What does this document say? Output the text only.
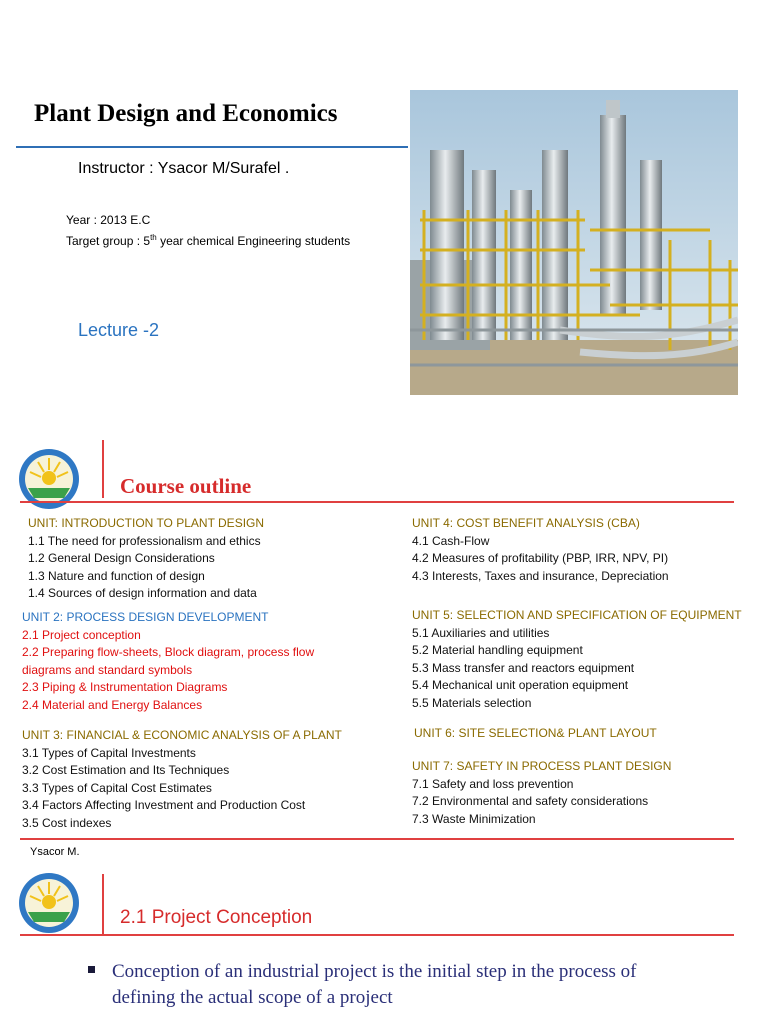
Plant Design and Economics
Instructor : Ysacor M/Surafel .
Year : 2013 E.C
Target group : 5th year chemical Engineering students
Lecture -2
Course outline
UNIT: INTRODUCTION TO PLANT DESIGN
1.1 The need for professionalism and ethics
1.2 General Design Considerations
1.3 Nature and function of design
1.4 Sources of design information and data
UNIT 2: PROCESS DESIGN DEVELOPMENT
2.1 Project conception
2.2 Preparing flow-sheets, Block diagram, process flow
diagrams and standard symbols
2.3 Piping & Instrumentation Diagrams
2.4 Material and Energy Balances
UNIT 3: FINANCIAL & ECONOMIC ANALYSIS OF A PLANT
3.1 Types of Capital Investments
3.2 Cost Estimation and Its Techniques
3.3 Types of Capital Cost Estimates
3.4 Factors Affecting Investment and Production Cost
3.5 Cost indexes
UNIT 4: COST BENEFIT ANALYSIS (CBA)
4.1 Cash-Flow
4.2 Measures of profitability (PBP, IRR, NPV, PI)
4.3 Interests, Taxes and insurance, Depreciation
UNIT 5: SELECTION AND SPECIFICATION OF EQUIPMENT
5.1 Auxiliaries and utilities
5.2 Material handling equipment
5.3 Mass transfer and reactors equipment
5.4 Mechanical unit operation equipment
5.5 Materials selection
UNIT 6: SITE SELECTION& PLANT LAYOUT
UNIT 7: SAFETY IN PROCESS PLANT DESIGN
7.1 Safety and loss prevention
7.2 Environmental and safety considerations
7.3 Waste Minimization
Ysacor M.
2.1 Project Conception
Conception of an industrial project is the initial step in the process of defining the actual scope of a project
